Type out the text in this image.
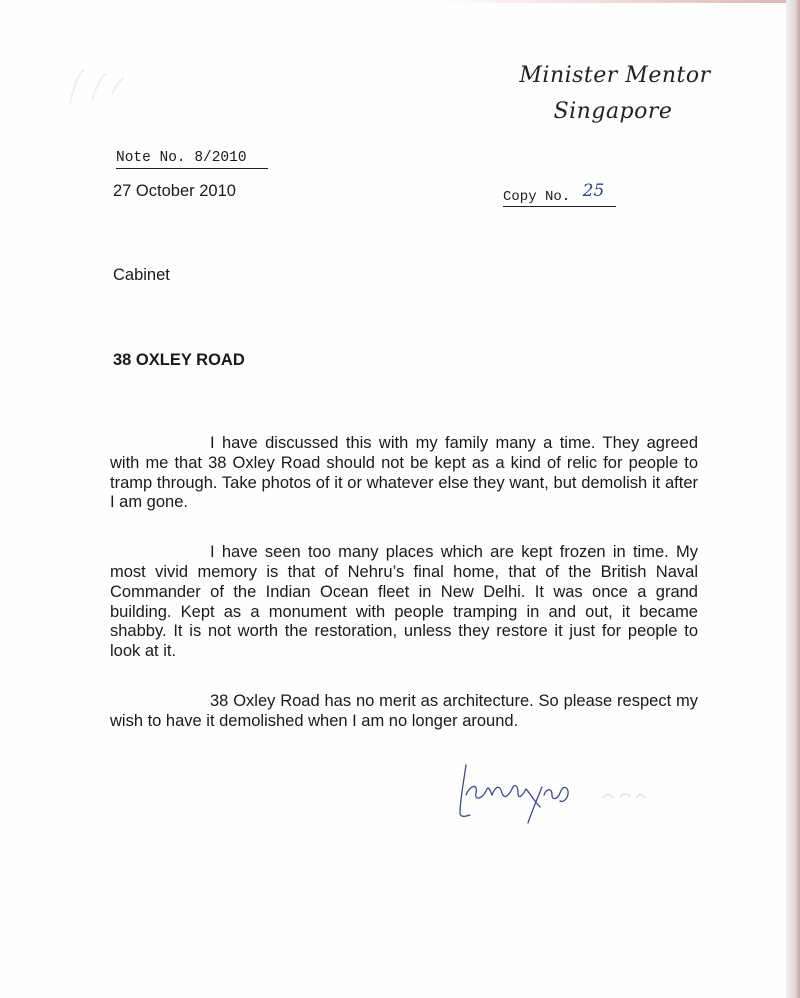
Minister Mentor
Singapore
Note No. 8/2010
27 October 2010	Copy No. 25
Cabinet
38 OXLEY ROAD

I have discussed this with my family many a time. They agreed with me that 38 Oxley Road should not be kept as a kind of relic for people to tramp through. Take photos of it or whatever else they want, but demolish it after I am gone.

I have seen too many places which are kept frozen in time. My most vivid memory is that of Nehru’s final home, that of the British Naval Commander of the Indian Ocean fleet in New Delhi. It was once a grand building. Kept as a monument with people tramping in and out, it became shabby. It is not worth the restoration, unless they restore it just for people to look at it.

38 Oxley Road has no merit as architecture. So please respect my wish to have it demolished when I am no longer around.
